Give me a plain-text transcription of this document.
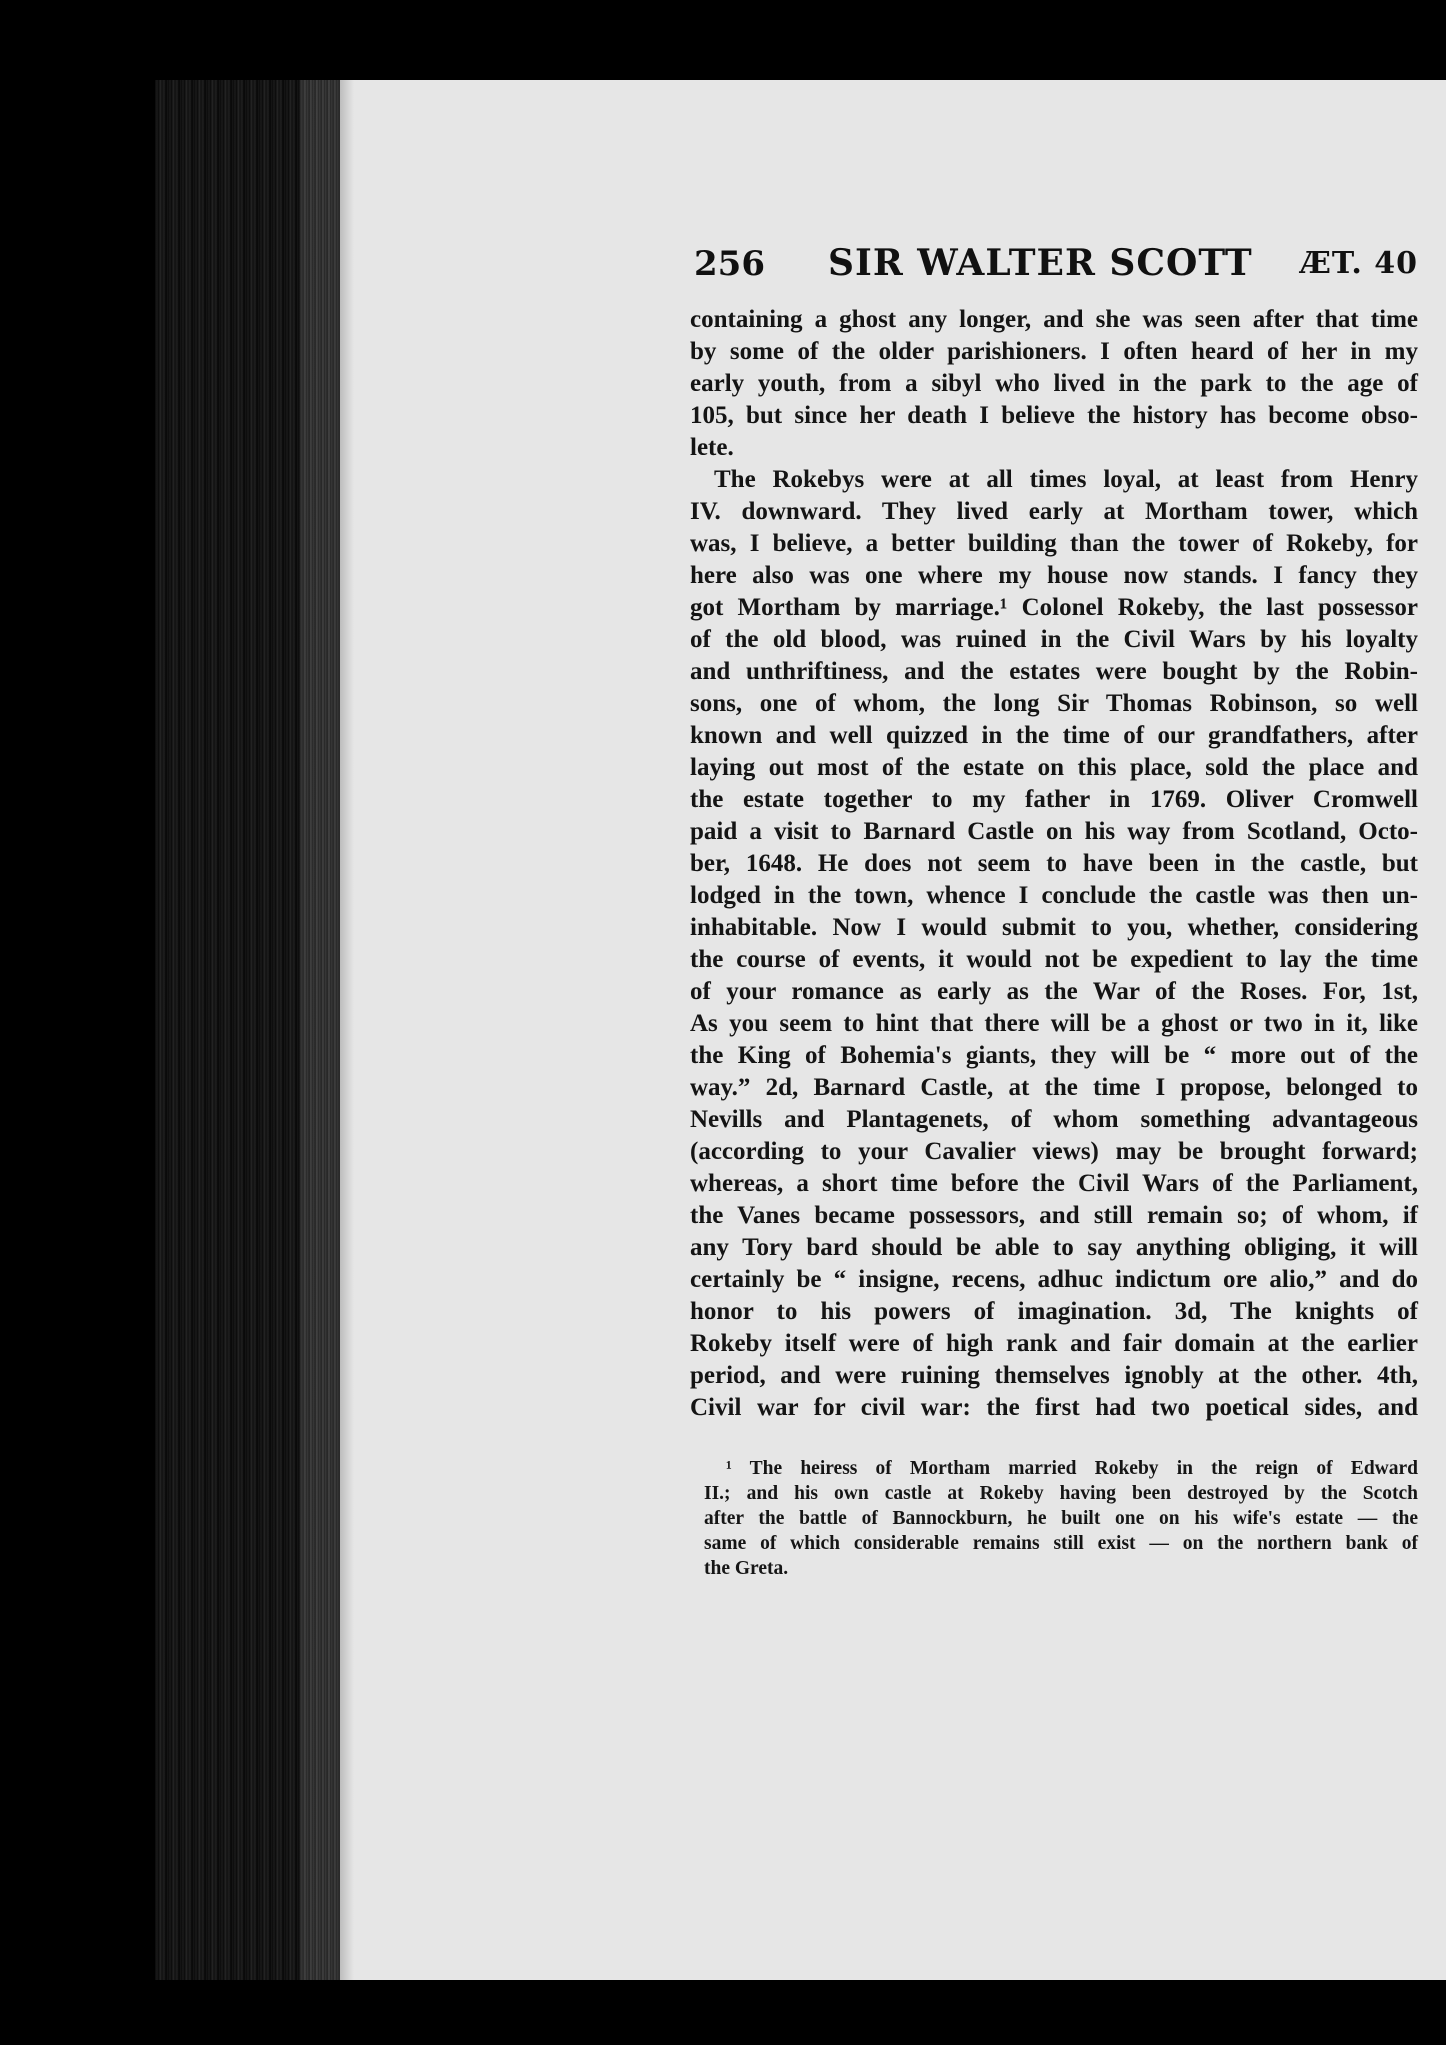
256 SIR WALTER SCOTT ÆT. 40
containing a ghost any longer, and she was seen after that time
by some of the older parishioners. I often heard of her in my
early youth, from a sibyl who lived in the park to the age of
105, but since her death I believe the history has become obso-
lete.
The Rokebys were at all times loyal, at least from Henry
IV. downward. They lived early at Mortham tower, which
was, I believe, a better building than the tower of Rokeby, for
here also was one where my house now stands. I fancy they
got Mortham by marriage.¹ Colonel Rokeby, the last possessor
of the old blood, was ruined in the Civil Wars by his loyalty
and unthriftiness, and the estates were bought by the Robin-
sons, one of whom, the long Sir Thomas Robinson, so well
known and well quizzed in the time of our grandfathers, after
laying out most of the estate on this place, sold the place and
the estate together to my father in 1769. Oliver Cromwell
paid a visit to Barnard Castle on his way from Scotland, Octo-
ber, 1648. He does not seem to have been in the castle, but
lodged in the town, whence I conclude the castle was then un-
inhabitable. Now I would submit to you, whether, considering
the course of events, it would not be expedient to lay the time
of your romance as early as the War of the Roses. For, 1st,
As you seem to hint that there will be a ghost or two in it, like
the King of Bohemia's giants, they will be “ more out of the
way.” 2d, Barnard Castle, at the time I propose, belonged to
Nevills and Plantagenets, of whom something advantageous
(according to your Cavalier views) may be brought forward;
whereas, a short time before the Civil Wars of the Parliament,
the Vanes became possessors, and still remain so; of whom, if
any Tory bard should be able to say anything obliging, it will
certainly be “ insigne, recens, adhuc indictum ore alio,” and do
honor to his powers of imagination. 3d, The knights of
Rokeby itself were of high rank and fair domain at the earlier
period, and were ruining themselves ignobly at the other. 4th,
Civil war for civil war: the first had two poetical sides, and
¹ The heiress of Mortham married Rokeby in the reign of Edward
II.; and his own castle at Rokeby having been destroyed by the Scotch
after the battle of Bannockburn, he built one on his wife's estate — the
same of which considerable remains still exist — on the northern bank of
the Greta.
